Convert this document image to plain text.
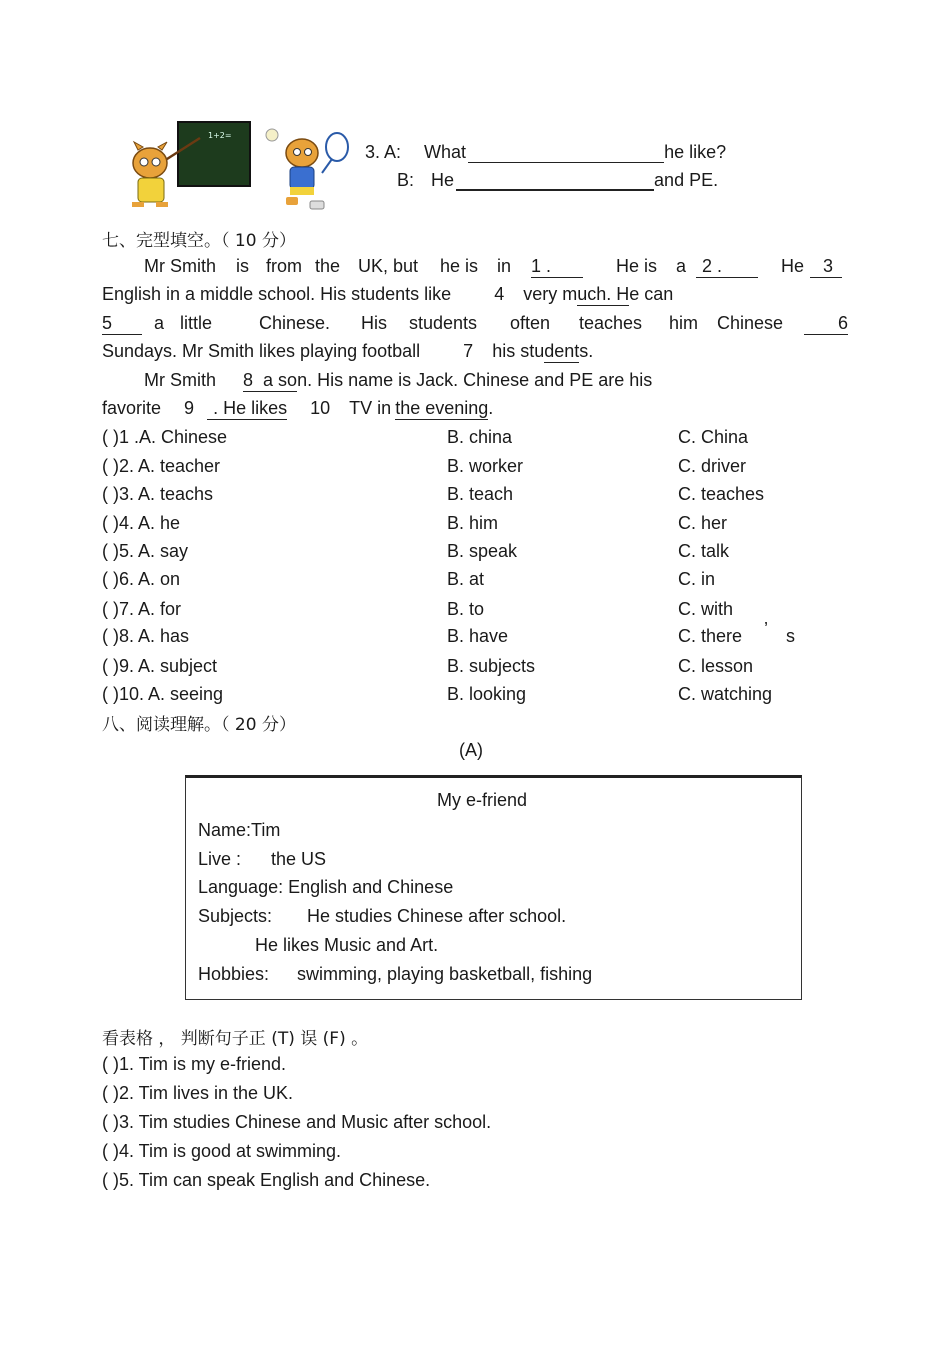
1+2=
3. A: What	he like?
B: He	and PE.
七、完型填空。（ 10 分）
Mr Smith is from the UK, but he is in 1 .	He is a 2 .	He	3
English in a middle school. His students like 4 very much. He can
5	a little	Chinese. His students often teaches him Chinese	6
Sundays. Mr Smith likes playing football 7 his students.
Mr Smith 8 a son. His name is Jack. Chinese and PE are his
favorite 9 . He likes 10 TV in the evening.
( )1 .A. Chinese	B. china	C. China
( )2. A. teacher	B. worker	C. driver
( )3. A. teachs	B. teach	C. teaches
( )4. A. he	B. him	C. her
( )5. A. say	B. speak	C. talk
( )6. A. on	B. at	C. in
( )7. A. for	B. to	C. with
( )8. A. has	B. have	C. there ’ s
( )9. A. subject	B. subjects	C. lesson
( )10. A. seeing	B. looking	C. watching
八、阅读理解。（ 20 分）
(A)
My e-friend
Name:Tim
Live : the US
Language: English and Chinese
Subjects: He studies Chinese after school.
He likes Music and Art.
Hobbies: swimming, playing basketball, fishing
看表格 ， 判断句子正 (T) 误 (F) 。
( )1. Tim is my e-friend.
( )2. Tim lives in the UK.
( )3. Tim studies Chinese and Music after school.
( )4. Tim is good at swimming.
( )5. Tim can speak English and Chinese.
